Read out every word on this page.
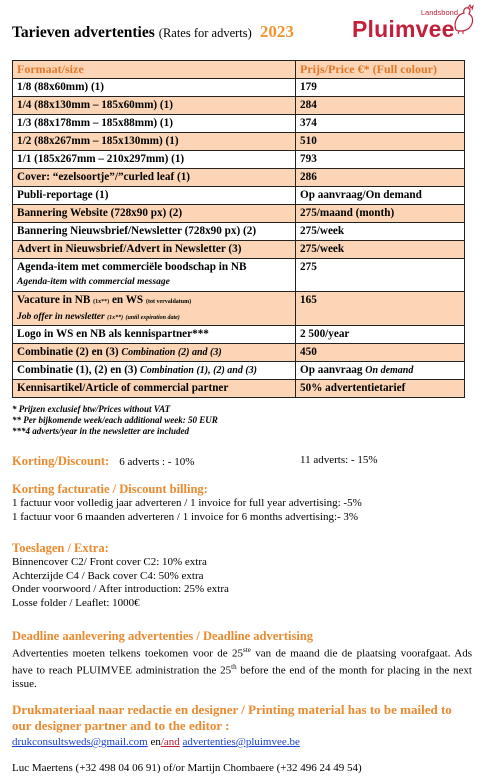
Tarieven advertenties (Rates for adverts) 2023
Landsbond
Pluimvee
Formaat/size	Prijs/Price €* (Full colour)
1/8 (88x60mm) (1)	179
1/4 (88x130mm – 185x60mm) (1)	284
1/3 (88x178mm – 185x88mm) (1)	374
1/2 (88x267mm – 185x130mm) (1)	510
1/1 (185x267mm – 210x297mm) (1)	793
Cover: “ezelsoortje”/”curled leaf (1)	286
Publi-reportage (1)	Op aanvraag/On demand
Bannering Website (728x90 px) (2)	275/maand (month)
Bannering Nieuwsbrief/Newsletter (728x90 px) (2)	275/week
Advert in Nieuwsbrief/Advert in Newsletter (3)	275/week
Agenda-item met commerciële boodschap in NB
Agenda-item with commercial message	275
Vacature in NB (1x**) en WS (tot vervaldatum)
Job offer in newsletter (1x**) (until expiration date)	165
Logo in WS en NB als kennispartner***	2 500/year
Combinatie (2) en (3) Combination (2) and (3)	450
Combinatie (1), (2) en (3) Combination (1), (2) and (3)	Op aanvraag On demand
Kennisartikel/Article of commercial partner	50% advertentietarief
* Prijzen exclusief btw/Prices without VAT
** Per bijkomende week/each additional week: 50 EUR
***4 adverts/year in the newsletter are included
Korting/Discount: 6 adverts : - 10%	11 adverts: - 15%
Korting facturatie / Discount billing:
1 factuur voor volledig jaar adverteren / 1 invoice for full year advertising: -5%
1 factuur voor 6 maanden adverteren / 1 invoice for 6 months advertising:- 3%
Toeslagen / Extra:
Binnencover C2/ Front cover C2: 10% extra
Achterzijde C4 / Back cover C4: 50% extra
Onder voorwoord / After introduction: 25% extra
Losse folder / Leaflet: 1000€
Deadline aanlevering advertenties / Deadline advertising
Advertenties moeten telkens toekomen voor de 25ste van de maand die de plaatsing voorafgaat. Ads have to reach PLUIMVEE administration the 25th before the end of the month for placing in the next issue.
Drukmateriaal naar redactie en designer / Printing material has to be mailed to our designer partner and to the editor :
drukconsultsweds@gmail.com en/and advertenties@pluimvee.be
Luc Maertens (+32 498 04 06 91) of/or Martijn Chombaere (+32 496 24 49 54)
